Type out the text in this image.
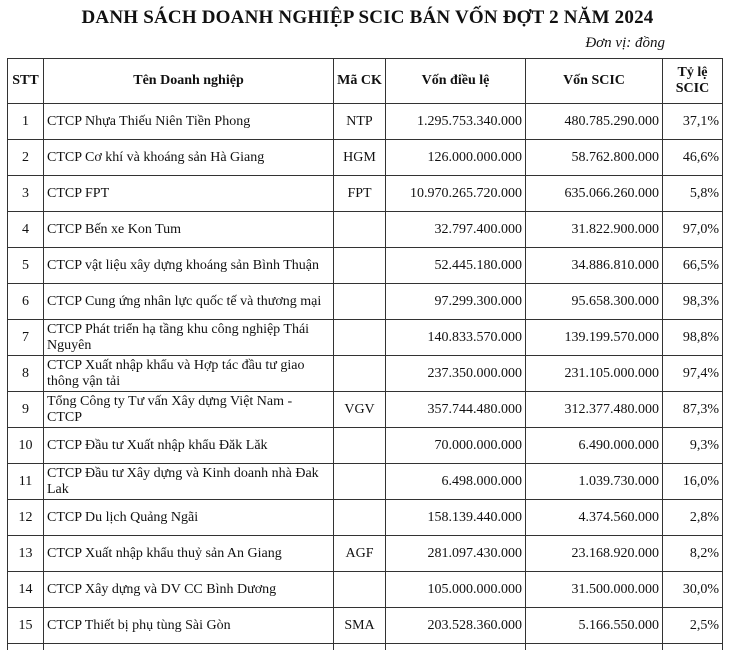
DANH SÁCH DOANH NGHIỆP SCIC BÁN VỐN ĐỢT 2 NĂM 2024
Đơn vị: đồng
STT	Tên Doanh nghiệp	Mã CK	Vốn điều lệ	Vốn SCIC	Tỷ lệ SCIC
1	CTCP Nhựa Thiếu Niên Tiền Phong	NTP	1.295.753.340.000	480.785.290.000	37,1%
2	CTCP Cơ khí và khoáng sản Hà Giang	HGM	126.000.000.000	58.762.800.000	46,6%
3	CTCP FPT	FPT	10.970.265.720.000	635.066.260.000	5,8%
4	CTCP Bến xe Kon Tum		32.797.400.000	31.822.900.000	97,0%
5	CTCP vật liệu xây dựng khoáng sản Bình Thuận		52.445.180.000	34.886.810.000	66,5%
6	CTCP Cung ứng nhân lực quốc tế và thương mại		97.299.300.000	95.658.300.000	98,3%
7	CTCP Phát triển hạ tầng khu công nghiệp Thái Nguyên		140.833.570.000	139.199.570.000	98,8%
8	CTCP Xuất nhập khẩu và Hợp tác đầu tư giao thông vận tải		237.350.000.000	231.105.000.000	97,4%
9	Tổng Công ty Tư vấn Xây dựng Việt Nam - CTCP	VGV	357.744.480.000	312.377.480.000	87,3%
10	CTCP Đầu tư Xuất nhập khẩu Đăk Lăk		70.000.000.000	6.490.000.000	9,3%
11	CTCP Đầu tư Xây dựng và Kinh doanh nhà Đak Lak		6.498.000.000	1.039.730.000	16,0%
12	CTCP Du lịch Quảng Ngãi		158.139.440.000	4.374.560.000	2,8%
13	CTCP Xuất nhập khẩu thuỷ sản An Giang	AGF	281.097.430.000	23.168.920.000	8,2%
14	CTCP Xây dựng và DV CC Bình Dương		105.000.000.000	31.500.000.000	30,0%
15	CTCP Thiết bị phụ tùng Sài Gòn	SMA	203.528.360.000	5.166.550.000	2,5%
